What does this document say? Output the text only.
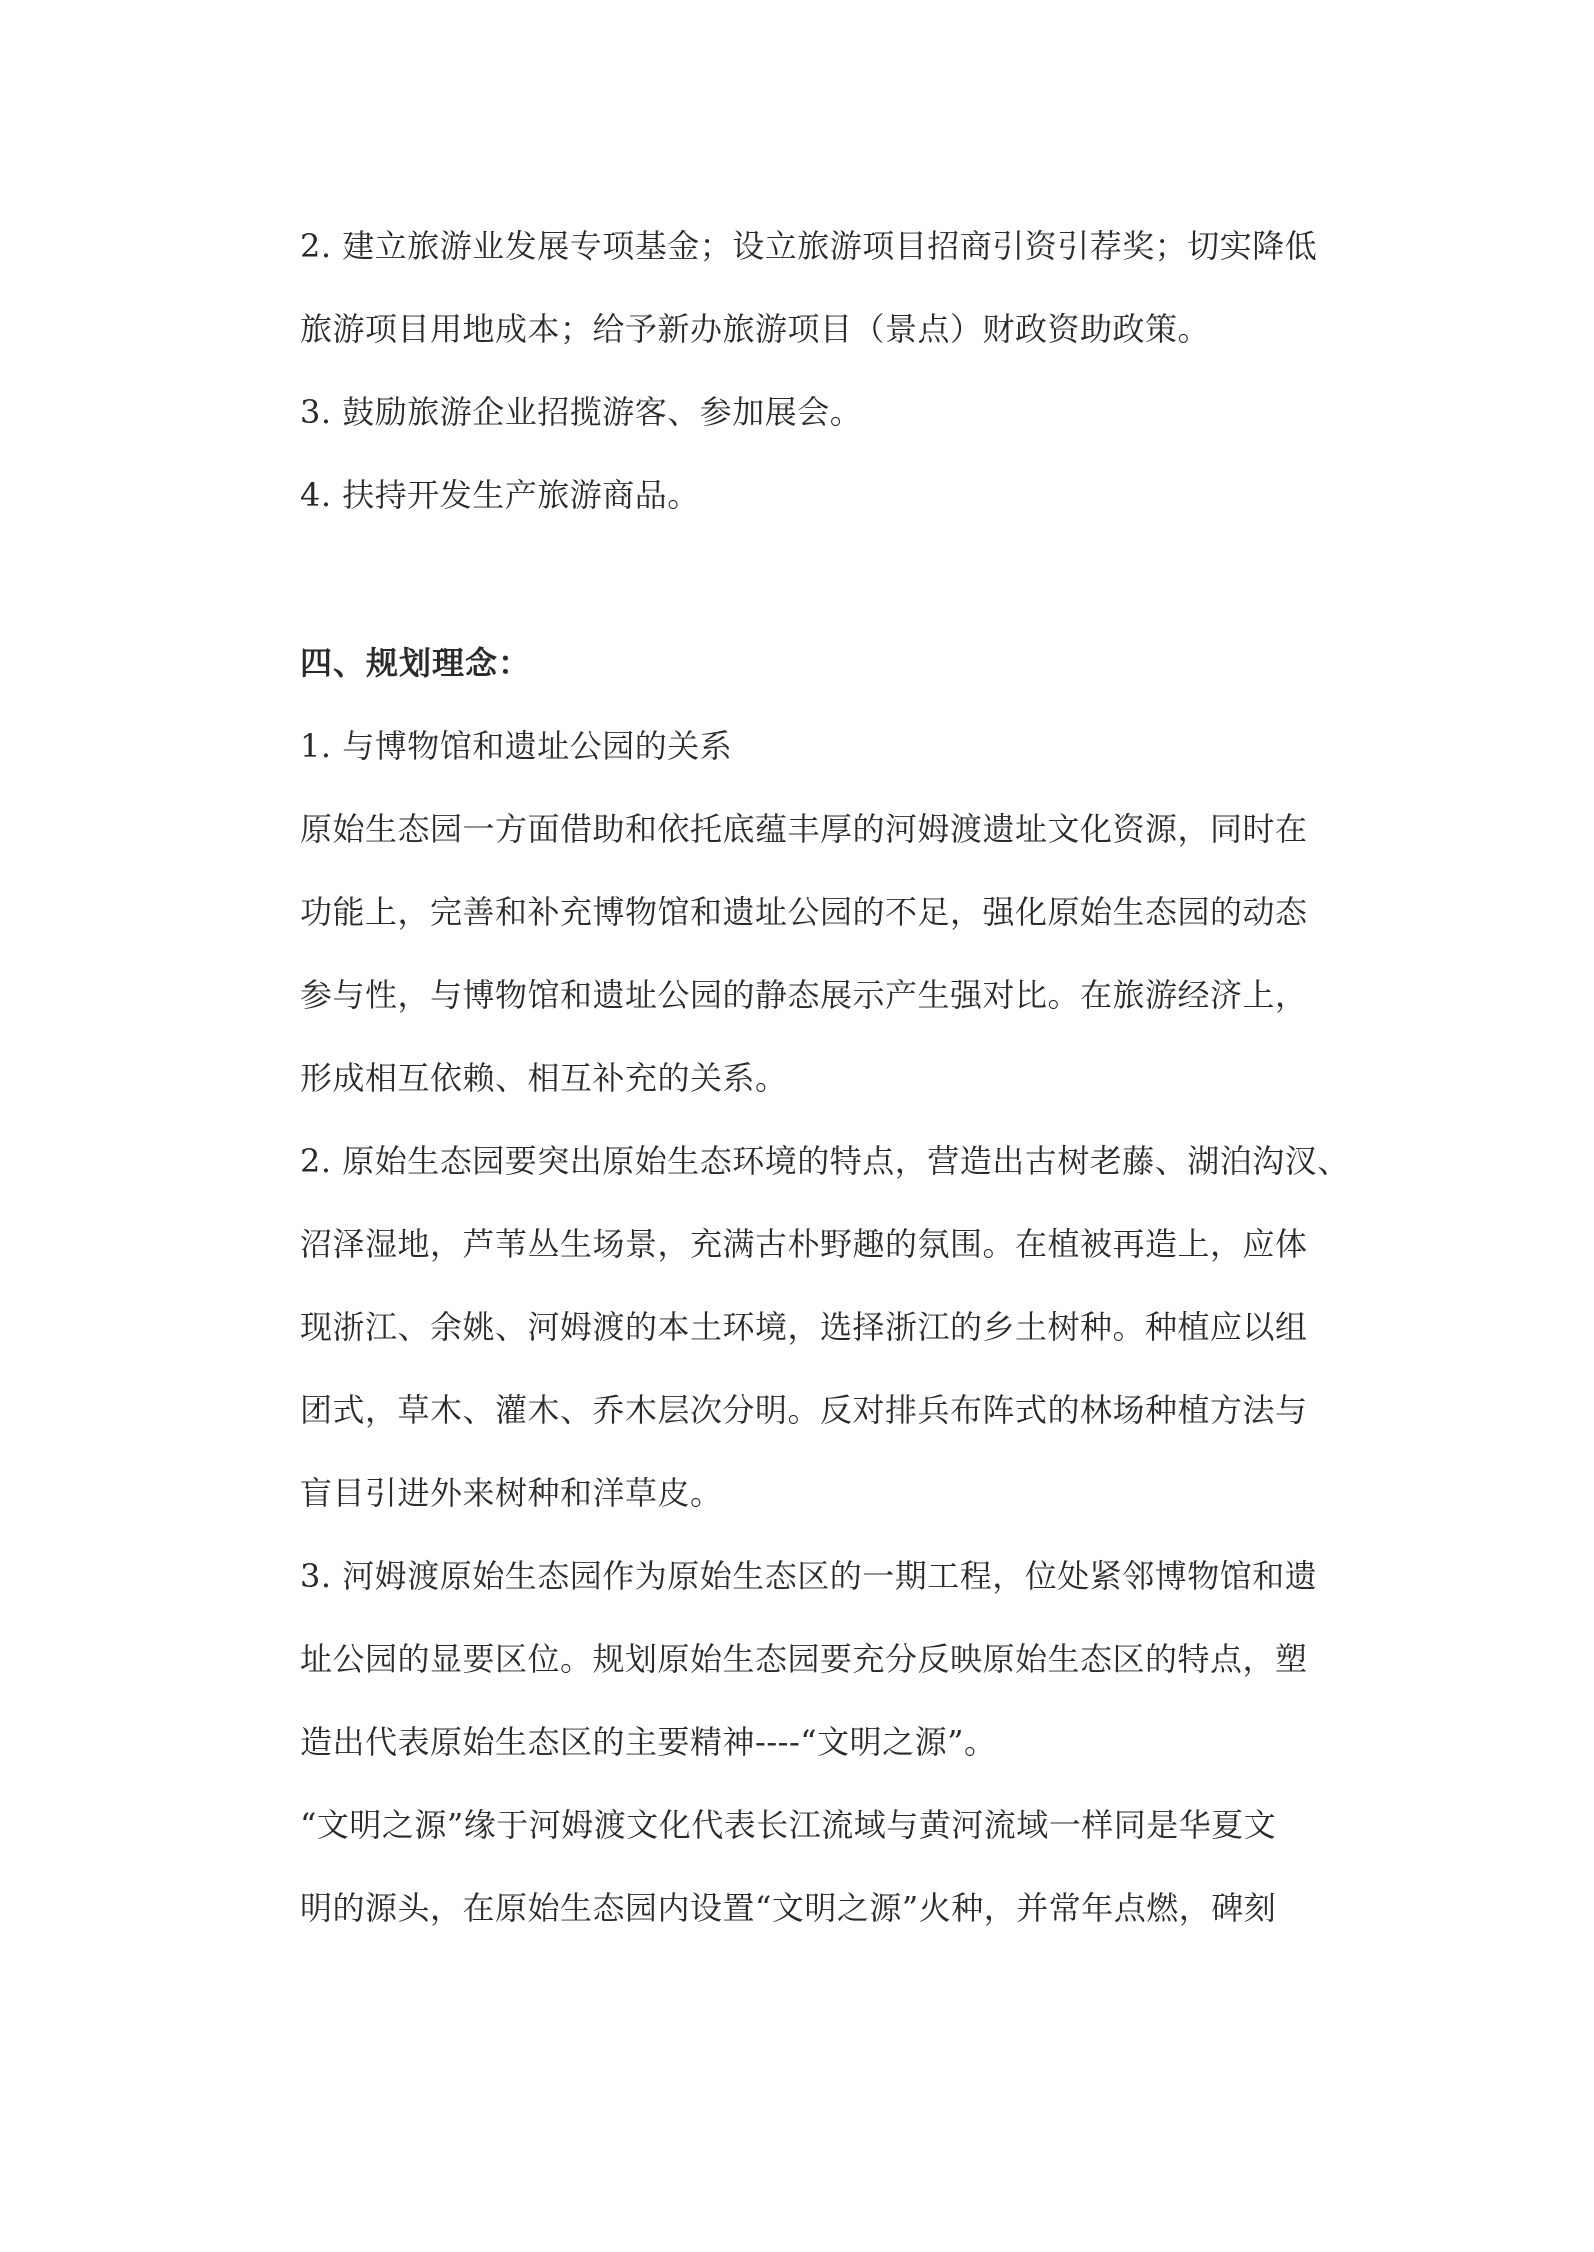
2. 建立旅游业发展专项基金；设立旅游项目招商引资引荐奖；切实降低
旅游项目用地成本；给予新办旅游项目（景点）财政资助政策。
3. 鼓励旅游企业招揽游客、参加展会。
4. 扶持开发生产旅游商品。
四、规划理念：
1. 与博物馆和遗址公园的关系
原始生态园一方面借助和依托底蕴丰厚的河姆渡遗址文化资源，同时在
功能上，完善和补充博物馆和遗址公园的不足，强化原始生态园的动态
参与性，与博物馆和遗址公园的静态展示产生强对比。在旅游经济上，
形成相互依赖、相互补充的关系。
2. 原始生态园要突出原始生态环境的特点，营造出古树老藤、湖泊沟汊、
沼泽湿地，芦苇丛生场景，充满古朴野趣的氛围。在植被再造上，应体
现浙江、余姚、河姆渡的本土环境，选择浙江的乡土树种。种植应以组
团式，草木、灌木、乔木层次分明。反对排兵布阵式的林场种植方法与
盲目引进外来树种和洋草皮。
3. 河姆渡原始生态园作为原始生态区的一期工程，位处紧邻博物馆和遗
址公园的显要区位。规划原始生态园要充分反映原始生态区的特点，塑
造出代表原始生态区的主要精神----“文明之源”。
“文明之源”缘于河姆渡文化代表长江流域与黄河流域一样同是华夏文
明的源头，在原始生态园内设置“文明之源”火种，并常年点燃，碑刻
